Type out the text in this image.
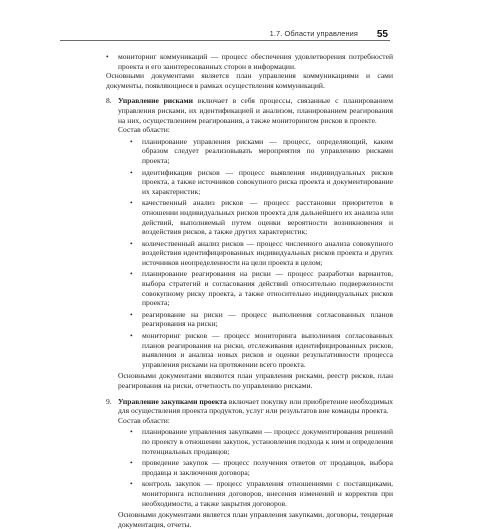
1.7. Области управления 55
• мониторинг коммуникаций — процесс обеспечения удовлетворения потребностей проекта и его заинтересованных сторон в информации.

Основными документами является план управления коммуникациями и сами документы, появляющиеся в рамках осуществления коммуникаций.

8. Управление рисками включает в себя процессы, связанные с планированием управления рисками, их идентификацией и анализом, планированием реагирования на них, осуществлением реагирования, а также мониторингом рисков в проекте.

Состав области:

• планирование управления рисками — процесс, определяющий, каким образом следует реализовывать мероприятия по управлению рисками проекта;
• идентификация рисков — процесс выявления индивидуальных рисков проекта, а также источников совокупного риска проекта и документирование их характеристик;
• качественный анализ рисков — процесс расстановки приоритетов в отношении индивидуальных рисков проекта для дальнейшего их анализа или действий, выполняемый путем оценки вероятности возникновения и воздействия рисков, а также других характеристик;
• количественный анализ рисков — процесс численного анализа совокупного воздействия идентифицированных индивидуальных рисков проекта и других источников неопределенности на цели проекта в целом;
• планирование реагирования на риски — процесс разработки вариантов, выбора стратегий и согласования действий относительно подверженности совокупному риску проекта, а также относительно индивидуальных рисков проекта;
• реагирование на риски — процесс выполнения согласованных планов реагирования на риски;
• мониторинг рисков — процесс мониторинга выполнения согласованных планов реагирования на риски, отслеживания идентифицированных рисков, выявления и анализа новых рисков и оценки результативности процесса управления рисками на протяжении всего проекта.

Основными документами являются план управления рисками, реестр рисков, план реагирования на риски, отчетность по управлению рисками.

9. Управление закупками проекта включает покупку или приобретение необходимых для осуществления проекта продуктов, услуг или результатов вне команды проекта.

Состав области:

• планирование управления закупками — процесс документирования решений по проекту в отношении закупок, установления подхода к ним и определения потенциальных продавцов;
• проведение закупок — процесс получения ответов от продавцов, выбора продавца и заключения договора;
• контроль закупок — процесс управления отношениями с поставщиками, мониторинга исполнения договоров, внесения изменений и корректив при необходимости, а также закрытия договоров.

Основными документами является план управления закупками, договоры, тендерная документация, отчеты.
